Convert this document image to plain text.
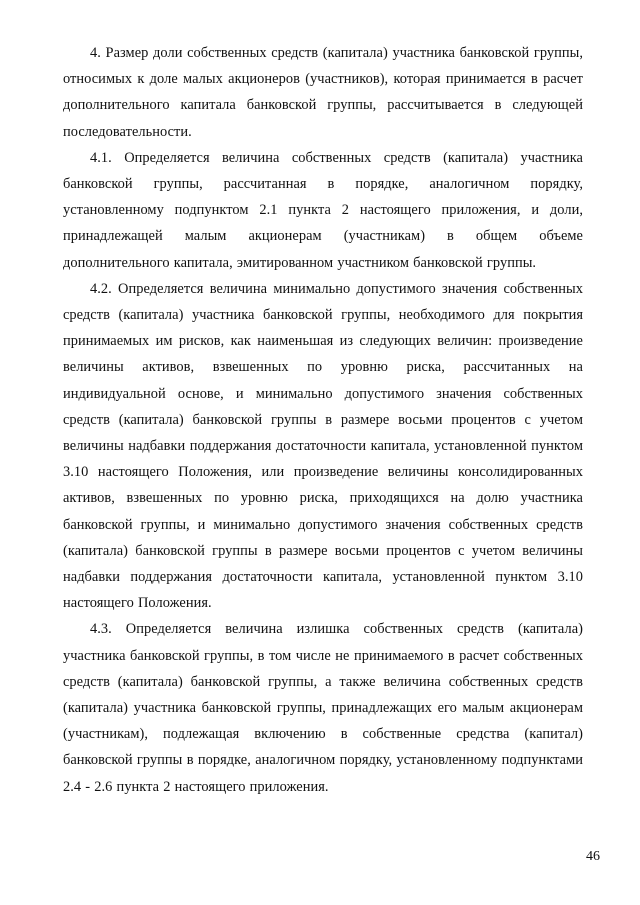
4. Размер доли собственных средств (капитала) участника банковской группы, относимых к доле малых акционеров (участников), которая принимается в расчет дополнительного капитала банковской группы, рассчитывается в следующей последовательности.

4.1. Определяется величина собственных средств (капитала) участника банковской группы, рассчитанная в порядке, аналогичном порядку, установленному подпунктом 2.1 пункта 2 настоящего приложения, и доли, принадлежащей малым акционерам (участникам) в общем объеме дополнительного капитала, эмитированном участником банковской группы.

4.2. Определяется величина минимально допустимого значения собственных средств (капитала) участника банковской группы, необходимого для покрытия принимаемых им рисков, как наименьшая из следующих величин: произведение величины активов, взвешенных по уровню риска, рассчитанных на индивидуальной основе, и минимально допустимого значения собственных средств (капитала) банковской группы в размере восьми процентов с учетом величины надбавки поддержания достаточности капитала, установленной пунктом 3.10 настоящего Положения, или произведение величины консолидированных активов, взвешенных по уровню риска, приходящихся на долю участника банковской группы, и минимально допустимого значения собственных средств (капитала) банковской группы в размере восьми процентов с учетом величины надбавки поддержания достаточности капитала, установленной пунктом 3.10 настоящего Положения.

4.3. Определяется величина излишка собственных средств (капитала) участника банковской группы, в том числе не принимаемого в расчет собственных средств (капитала) банковской группы, а также величина собственных средств (капитала) участника банковской группы, принадлежащих его малым акционерам (участникам), подлежащая включению в собственные средства (капитал) банковской группы в порядке, аналогичном порядку, установленному подпунктами 2.4 - 2.6 пункта 2 настоящего приложения.

46
